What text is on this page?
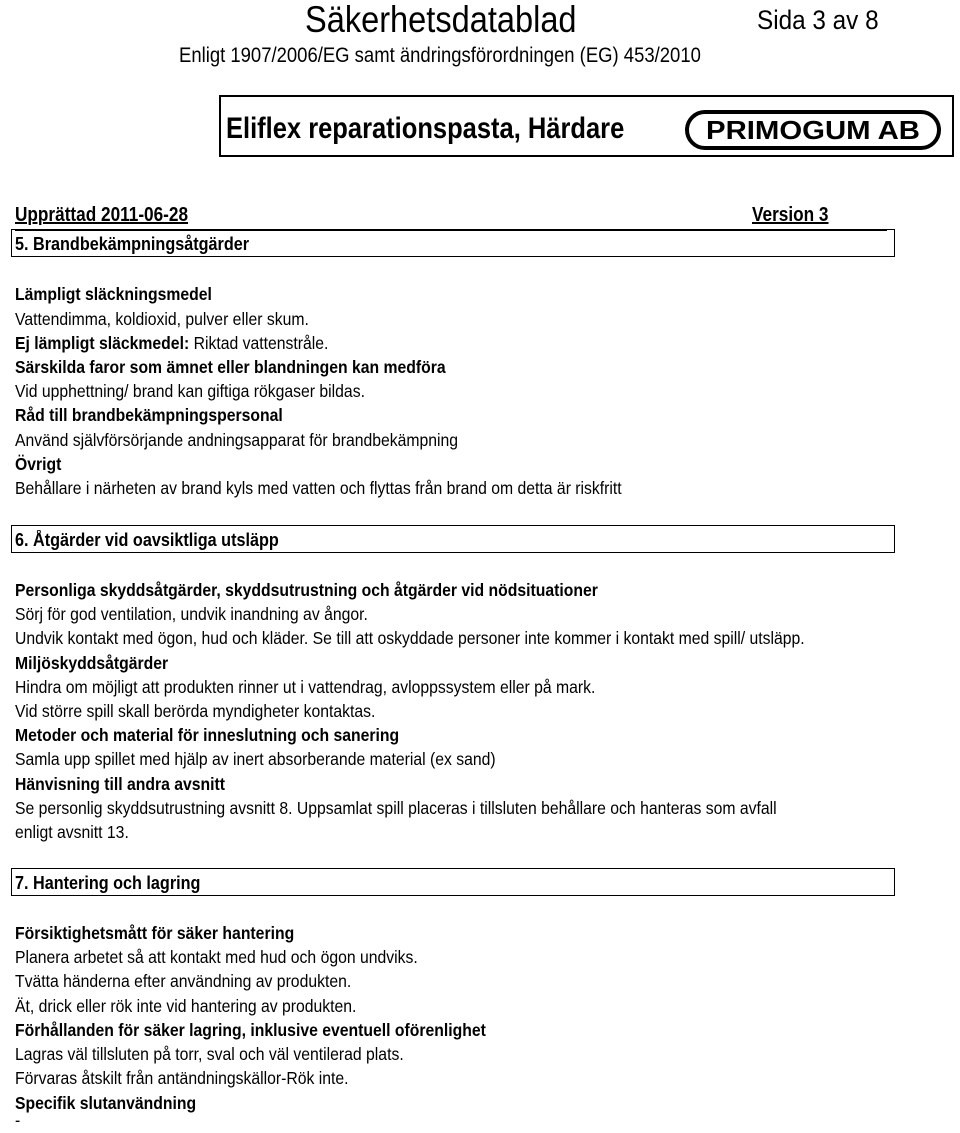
Säkerhetsdatablad	Sida 3 av 8
Enligt 1907/2006/EG samt ändringsförordningen (EG) 453/2010
Eliflex reparationspasta, Härdare	PRIMOGUM AB
Upprättad 2011-06-28	Version 3
5. Brandbekämpningsåtgärder
Lämpligt släckningsmedel
Vattendimma, koldioxid, pulver eller skum.
Ej lämpligt släckmedel: Riktad vattenstråle.
Särskilda faror som ämnet eller blandningen kan medföra
Vid upphettning/ brand kan giftiga rökgaser bildas.
Råd till brandbekämpningspersonal
Använd självförsörjande andningsapparat för brandbekämpning
Övrigt
Behållare i närheten av brand kyls med vatten och flyttas från brand om detta är riskfritt
6. Åtgärder vid oavsiktliga utsläpp
Personliga skyddsåtgärder, skyddsutrustning och åtgärder vid nödsituationer
Sörj för god ventilation, undvik inandning av ångor.
Undvik kontakt med ögon, hud och kläder. Se till att oskyddade personer inte kommer i kontakt med spill/ utsläpp.
Miljöskyddsåtgärder
Hindra om möjligt att produkten rinner ut i vattendrag, avloppssystem eller på mark.
Vid större spill skall berörda myndigheter kontaktas.
Metoder och material för inneslutning och sanering
Samla upp spillet med hjälp av inert absorberande material (ex sand)
Hänvisning till andra avsnitt
Se personlig skyddsutrustning avsnitt 8. Uppsamlat spill placeras i tillsluten behållare och hanteras som avfall
enligt avsnitt 13.
7. Hantering och lagring
Försiktighetsmått för säker hantering
Planera arbetet så att kontakt med hud och ögon undviks.
Tvätta händerna efter användning av produkten.
Ät, drick eller rök inte vid hantering av produkten.
Förhållanden för säker lagring, inklusive eventuell oförenlighet
Lagras väl tillsluten på torr, sval och väl ventilerad plats.
Förvaras åtskilt från antändningskällor-Rök inte.
Specifik slutanvändning
-
